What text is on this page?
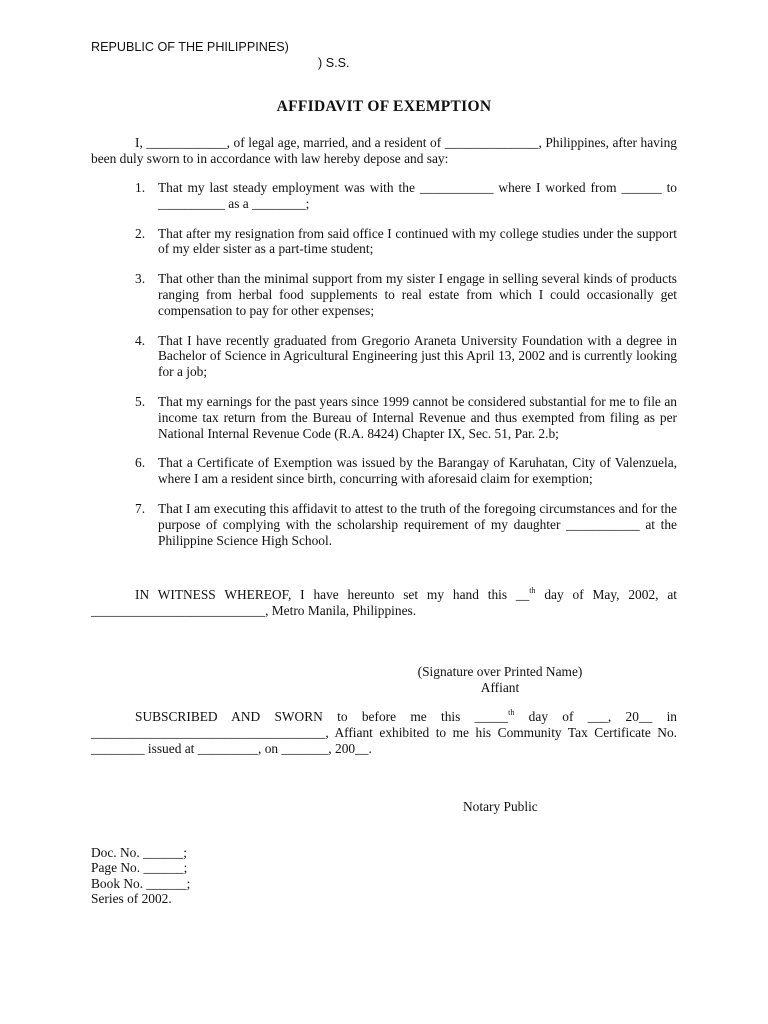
REPUBLIC OF THE PHILIPPINES)
) S.S.
AFFIDAVIT OF EXEMPTION
I, ____________, of legal age, married, and a resident of ______________, Philippines, after having been duly sworn to in accordance with law hereby depose and say:
1. That my last steady employment was with the ___________ where I worked from ______ to __________ as a ________;
2. That after my resignation from said office I continued with my college studies under the support of my elder sister as a part-time student;
3. That other than the minimal support from my sister I engage in selling several kinds of products ranging from herbal food supplements to real estate from which I could occasionally get compensation to pay for other expenses;
4. That I have recently graduated from Gregorio Araneta University Foundation with a degree in Bachelor of Science in Agricultural Engineering just this April 13, 2002 and is currently looking for a job;
5. That my earnings for the past years since 1999 cannot be considered substantial for me to file an income tax return from the Bureau of Internal Revenue and thus exempted from filing as per National Internal Revenue Code (R.A. 8424) Chapter IX, Sec. 51, Par. 2.b;
6. That a Certificate of Exemption was issued by the Barangay of Karuhatan, City of Valenzuela, where I am a resident since birth, concurring with aforesaid claim for exemption;
7. That I am executing this affidavit to attest to the truth of the foregoing circumstances and for the purpose of complying with the scholarship requirement of my daughter ___________ at the Philippine Science High School.
IN WITNESS WHEREOF, I have hereunto set my hand this __$^{th}$ day of May, 2002, at __________________________, Metro Manila, Philippines.
(Signature over Printed Name)
Affiant
SUBSCRIBED AND SWORN to before me this _____$^{th}$ day of ___, 20__ in ___________________________________, Affiant exhibited to me his Community Tax Certificate No. ________ issued at _________, on _______, 200__.
Notary Public
Doc. No. ______;
Page No. ______;
Book No. ______;
Series of 2002.
